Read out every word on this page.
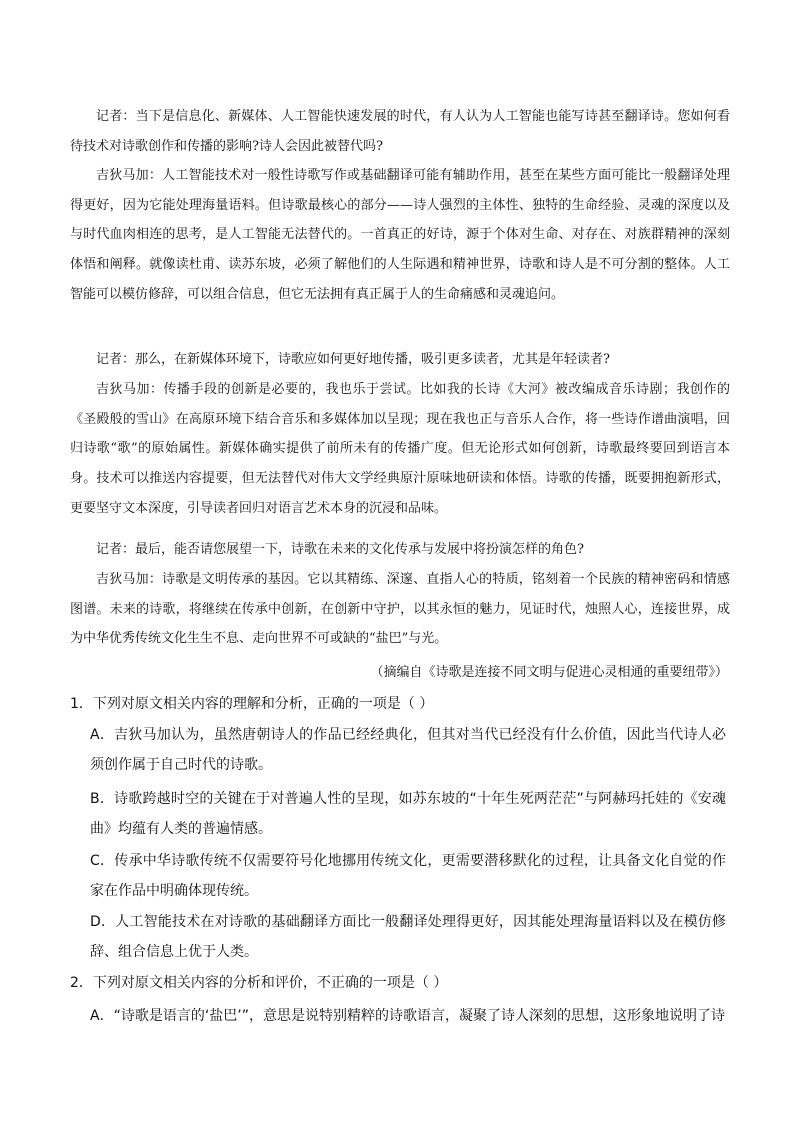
记者：当下是信息化、新媒体、人工智能快速发展的时代，有人认为人工智能也能写诗甚至翻译诗。您如何看待技术对诗歌创作和传播的影响?诗人会因此被替代吗?
吉狄马加：人工智能技术对一般性诗歌写作或基础翻译可能有辅助作用，甚至在某些方面可能比一般翻译处理得更好，因为它能处理海量语料。但诗歌最核心的部分——诗人强烈的主体性、独特的生命经验、灵魂的深度以及与时代血肉相连的思考，是人工智能无法替代的。一首真正的好诗，源于个体对生命、对存在、对族群精神的深刻体悟和阐释。就像读杜甫、读苏东坡，必须了解他们的人生际遇和精神世界，诗歌和诗人是不可分割的整体。人工智能可以模仿修辞，可以组合信息，但它无法拥有真正属于人的生命痛感和灵魂追问。
记者：那么，在新媒体环境下，诗歌应如何更好地传播，吸引更多读者，尤其是年轻读者?
吉狄马加：传播手段的创新是必要的，我也乐于尝试。比如我的长诗《大河》被改编成音乐诗剧；我创作的《圣殿般的雪山》在高原环境下结合音乐和多媒体加以呈现；现在我也正与音乐人合作，将一些诗作谱曲演唱，回归诗歌“歌”的原始属性。新媒体确实提供了前所未有的传播广度。但无论形式如何创新，诗歌最终要回到语言本身。技术可以推送内容提要，但无法替代对伟大文学经典原汁原味地研读和体悟。诗歌的传播，既要拥抱新形式，更要坚守文本深度，引导读者回归对语言艺术本身的沉浸和品味。
记者：最后，能否请您展望一下，诗歌在未来的文化传承与发展中将扮演怎样的角色?
吉狄马加：诗歌是文明传承的基因。它以其精练、深邃、直指人心的特质，铭刻着一个民族的精神密码和情感图谱。未来的诗歌，将继续在传承中创新，在创新中守护，以其永恒的魅力，见证时代，烛照人心，连接世界，成为中华优秀传统文化生生不息、走向世界不可或缺的“盐巴”与光。
（摘编自《诗歌是连接不同文明与促进心灵相通的重要纽带》）
1．下列对原文相关内容的理解和分析，正确的一项是（ ）
A．吉狄马加认为，虽然唐朝诗人的作品已经经典化，但其对当代已经没有什么价值，因此当代诗人必须创作属于自己时代的诗歌。
B．诗歌跨越时空的关键在于对普遍人性的呈现，如苏东坡的“十年生死两茫茫”与阿赫玛托娃的《安魂曲》均蕴有人类的普遍情感。
C．传承中华诗歌传统不仅需要符号化地挪用传统文化，更需要潜移默化的过程，让具备文化自觉的作家在作品中明确体现传统。
D．人工智能技术在对诗歌的基础翻译方面比一般翻译处理得更好，因其能处理海量语料以及在模仿修辞、组合信息上优于人类。
2．下列对原文相关内容的分析和评价，不正确的一项是（ ）
A．“诗歌是语言的‘盐巴’”，意思是说特别精粹的诗歌语言，凝聚了诗人深刻的思想，这形象地说明了诗
